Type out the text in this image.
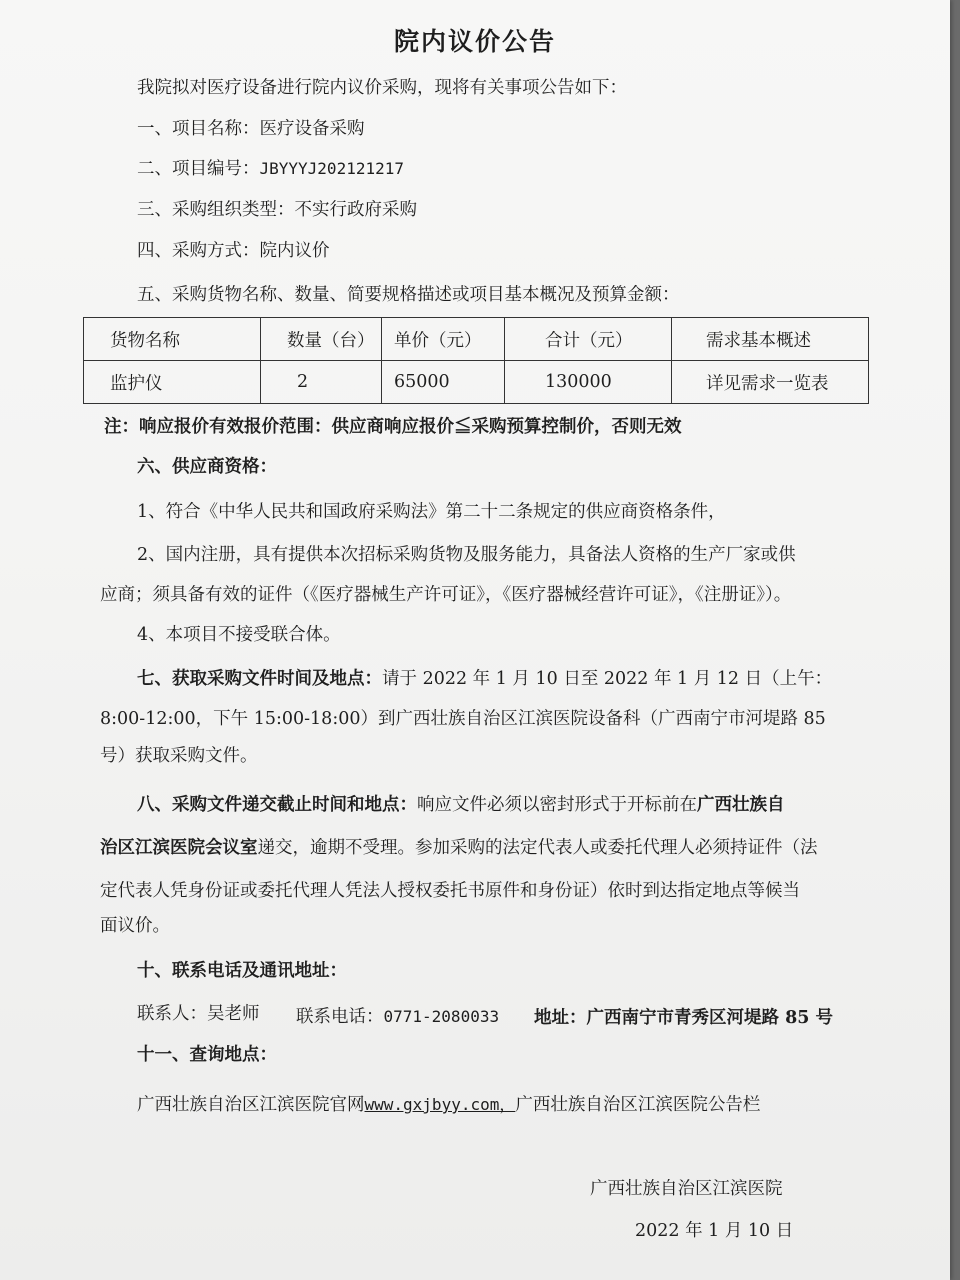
院内议价公告
我院拟对医疗设备进行院内议价采购，现将有关事项公告如下：
一、项目名称：医疗设备采购
二、项目编号：JBYYYJ202121217
三、采购组织类型：不实行政府采购
四、采购方式：院内议价
五、采购货物名称、数量、简要规格描述或项目基本概况及预算金额：
货物名称	数量（台）	单价（元）	合计（元）	需求基本概述
监护仪	2	65000	130000	详见需求一览表
注：响应报价有效报价范围：供应商响应报价≦采购预算控制价，否则无效
六、供应商资格：
1、符合《中华人民共和国政府采购法》第二十二条规定的供应商资格条件，
2、国内注册，具有提供本次招标采购货物及服务能力，具备法人资格的生产厂家或供
应商；须具备有效的证件（《医疗器械生产许可证》，《医疗器械经营许可证》，《注册证》）。
4、本项目不接受联合体。
七、获取采购文件时间及地点：请于 2022 年 1 月 10 日至 2022 年 1 月 12 日（上午：
8:00-12:00，下午 15:00-18:00）到广西壮族自治区江滨医院设备科（广西南宁市河堤路 85
号）获取采购文件。
八、采购文件递交截止时间和地点：响应文件必须以密封形式于开标前在广西壮族自
治区江滨医院会议室递交，逾期不受理。参加采购的法定代表人或委托代理人必须持证件（法
定代表人凭身份证或委托代理人凭法人授权委托书原件和身份证）依时到达指定地点等候当
面议价。
十、联系电话及通讯地址：
联系人：吴老师 联系电话：0771-2080033 地址：广西南宁市青秀区河堤路 85 号
十一、查询地点：
广西壮族自治区江滨医院官网www.gxjbyy.com，广西壮族自治区江滨医院公告栏
广西壮族自治区江滨医院
2022 年 1 月 10 日
